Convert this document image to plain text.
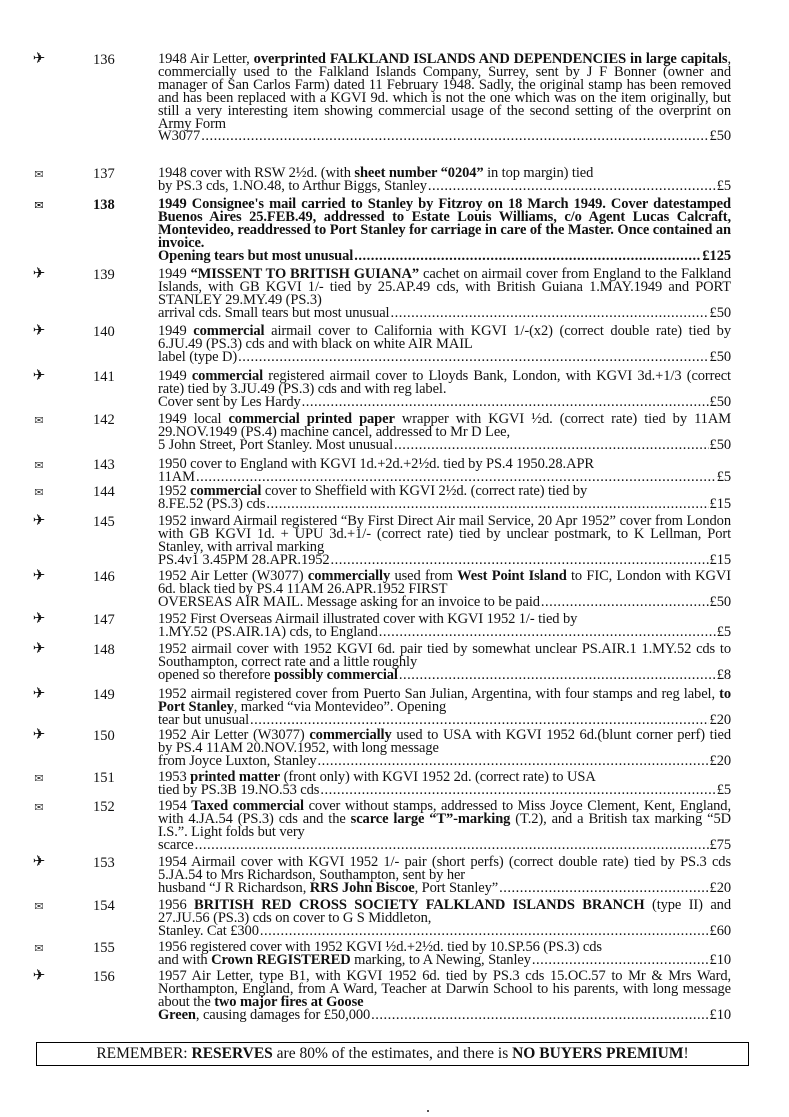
✈	136	1948 Air Letter, overprinted FALKLAND ISLANDS AND DEPENDENCIES in large capitals, commercially used to the Falkland Islands Company, Surrey, sent by J F Bonner (owner and manager of San Carlos Farm) dated 11 February 1948. Sadly, the original stamp has been removed and has been replaced with a KGVI 9d. which is not the one which was on the item originally, but still a very interesting item showing commercial usage of the second setting of the overprint on Army Form

W3077 .....	£50
✉	137	1948 cover with RSW 2½d. (with sheet number “0204” in top margin) tied

by PS.3 cds, 1.NO.48, to Arthur Biggs, Stanley .....	£5
✉	138	1949 Consignee's mail carried to Stanley by Fitzroy on 18 March 1949. Cover datestamped Buenos Aires 25.FEB.49, addressed to Estate Louis Williams, c/o Agent Lucas Calcraft, Montevideo, readdressed to Port Stanley for carriage in care of the Master. Once contained an invoice.

Opening tears but most unusual .....	£125
✈	139	1949 “MISSENT TO BRITISH GUIANA” cachet on airmail cover from England to the Falkland Islands, with GB KGVI 1/- tied by 25.AP.49 cds, with British Guiana 1.MAY.1949 and PORT STANLEY 29.MY.49 (PS.3)

arrival cds. Small tears but most unusual .....	£50
✈	140	1949 commercial airmail cover to California with KGVI 1/-(x2) (correct double rate) tied by 6.JU.49 (PS.3) cds and with black on white AIR MAIL

label (type D) .....	£50
✈	141	1949 commercial registered airmail cover to Lloyds Bank, London, with KGVI 3d.+1/3 (correct rate) tied by 3.JU.49 (PS.3) cds and with reg label.

Cover sent by Les Hardy .....	£50
✉	142	1949 local commercial printed paper wrapper with KGVI ½d. (correct rate) tied by 11AM 29.NOV.1949 (PS.4) machine cancel, addressed to Mr D Lee,

5 John Street, Port Stanley. Most unusual .....	£50
✉	143	1950 cover to England with KGVI 1d.+2d.+2½d. tied by PS.4 1950.28.APR

11AM .....	£5
✉	144	1952 commercial cover to Sheffield with KGVI 2½d. (correct rate) tied by

8.FE.52 (PS.3) cds .....	£15
✈	145	1952 inward Airmail registered “By First Direct Air mail Service, 20 Apr 1952” cover from London with GB KGVI 1d. + UPU 3d.+1/- (correct rate) tied by unclear postmark, to K Lellman, Port Stanley, with arrival marking

PS.4v1 3.45PM 28.APR.1952 .....	£15
✈	146	1952 Air Letter (W3077) commercially used from West Point Island to FIC, London with KGVI 6d. black tied by PS.4 11AM 26.APR.1952 FIRST

OVERSEAS AIR MAIL. Message asking for an invoice to be paid .....	£50
✈	147	1952 First Overseas Airmail illustrated cover with KGVI 1952 1/- tied by

1.MY.52 (PS.AIR.1A) cds, to England .....	£5
✈	148	1952 airmail cover with 1952 KGVI 6d. pair tied by somewhat unclear PS.AIR.1 1.MY.52 cds to Southampton, correct rate and a little roughly

opened so therefore possibly commercial .....	£8
✈	149	1952 airmail registered cover from Puerto San Julian, Argentina, with four stamps and reg label, to Port Stanley, marked “via Montevideo”. Opening

tear but unusual .....	£20
✈	150	1952 Air Letter (W3077) commercially used to USA with KGVI 1952 6d.(blunt corner perf) tied by PS.4 11AM 20.NOV.1952, with long message

from Joyce Luxton, Stanley .....	£20
✉	151	1953 printed matter (front only) with KGVI 1952 2d. (correct rate) to USA

tied by PS.3B 19.NO.53 cds .....	£5
✉	152	1954 Taxed commercial cover without stamps, addressed to Miss Joyce Clement, Kent, England, with 4.JA.54 (PS.3) cds and the scarce large “T”-marking (T.2), and a British tax marking “5D I.S.”. Light folds but very

scarce .....	£75
✈	153	1954 Airmail cover with KGVI 1952 1/- pair (short perfs) (correct double rate) tied by PS.3 cds 5.JA.54 to Mrs Richardson, Southampton, sent by her

husband “J R Richardson, RRS John Biscoe, Port Stanley” .....	£20
✉	154	1956 BRITISH RED CROSS SOCIETY FALKLAND ISLANDS BRANCH (type II) and 27.JU.56 (PS.3) cds on cover to G S Middleton,

Stanley. Cat £300 .....	£60
✉	155	1956 registered cover with 1952 KGVI ½d.+2½d. tied by 10.SP.56 (PS.3) cds

and with Crown REGISTERED marking, to A Newing, Stanley .....	£10
✈	156	1957 Air Letter, type B1, with KGVI 1952 6d. tied by PS.3 cds 15.OC.57 to Mr & Mrs Ward, Northampton, England, from A Ward, Teacher at Darwin School to his parents, with long message about the two major fires at Goose

Green, causing damages for £50,000 .....	£10
REMEMBER: RESERVES are 80% of the estimates, and there is NO BUYERS PREMIUM!
